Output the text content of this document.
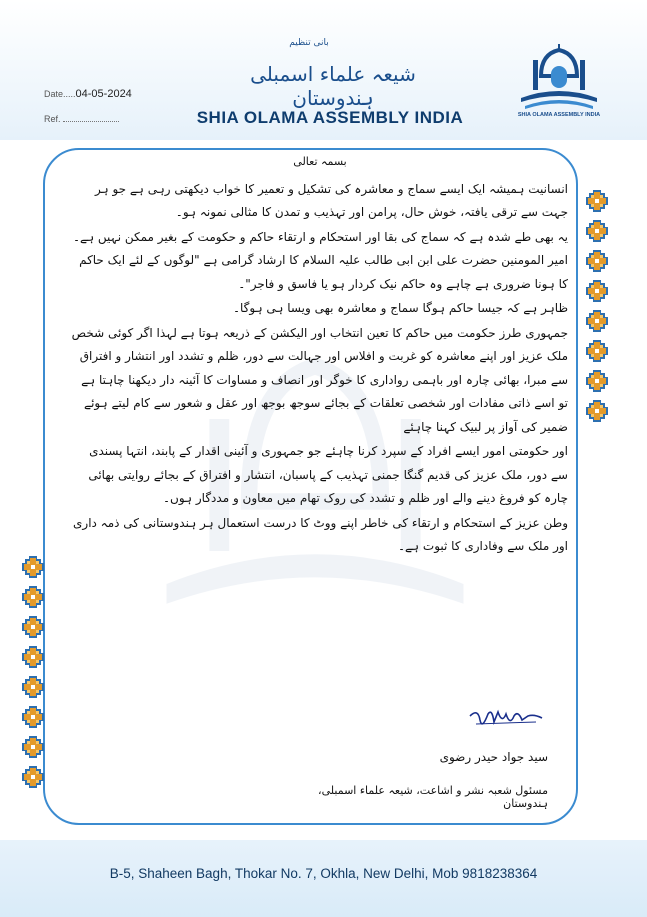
Date.....04-05-2024
Ref.
بانی تنظیم
شیعہ علماء اسمبلی ہندوستان
SHIA OLAMA ASSEMBLY INDIA	SHIA OLAMA ASSEMBLY INDIA
بسمہ تعالی

انسانیت ہمیشہ ایک ایسے سماج و معاشرہ کی تشکیل و تعمیر کا خواب دیکھتی رہی ہے جو ہر جہت سے ترقی یافتہ، خوش حال، پرامن اور تہذیب و تمدن کا مثالی نمونہ ہو۔

یہ بھی طے شدہ ہے کہ سماج کی بقا اور استحکام و ارتقاء حاکم و حکومت کے بغیر ممکن نہیں ہے۔ امیر المومنین حضرت علی ابن ابی طالب علیہ السلام کا ارشاد گرامی ہے "لوگوں کے لئے ایک حاکم کا ہونا ضروری ہے چاہے وہ حاکم نیک کردار ہو یا فاسق و فاجر"۔

ظاہر ہے کہ جیسا حاکم ہوگا سماج و معاشرہ بھی ویسا ہی ہوگا۔

جمہوری طرز حکومت میں حاکم کا تعین انتخاب اور الیکشن کے ذریعہ ہوتا ہے لہذا اگر کوئی شخص ملک عزیز اور اپنے معاشرہ کو غربت و افلاس اور جہالت سے دور، ظلم و تشدد اور انتشار و افتراق سے مبرا، بھائی چارہ اور باہمی رواداری کا خوگر اور انصاف و مساوات کا آئینہ دار دیکھنا چاہتا ہے تو اسے ذاتی مفادات اور شخصی تعلقات کے بجائے سوجھ بوجھ اور عقل و شعور سے کام لیتے ہوئے ضمیر کی آواز پر لبیک کہنا چاہئے

اور حکومتی امور ایسے افراد کے سپرد کرنا چاہئے جو جمہوری و آئینی اقدار کے پابند، انتہا پسندی سے دور، ملک عزیز کی قدیم گنگا جمنی تہذیب کے پاسبان، انتشار و افتراق کے بجائے روایتی بھائی چارہ کو فروغ دینے والے اور ظلم و تشدد کی روک تھام میں معاون و مددگار ہوں۔

وطن عزیز کے استحکام و ارتقاء کی خاطر اپنے ووٹ کا درست استعمال ہر ہندوستانی کی ذمہ داری اور ملک سے وفاداری کا ثبوت ہے۔

سید جواد حیدر رضوی
مسئول شعبہ نشر و اشاعت، شیعہ علماء اسمبلی، ہندوستان
B-5, Shaheen Bagh, Thokar No. 7, Okhla, New Delhi, Mob 9818238364
